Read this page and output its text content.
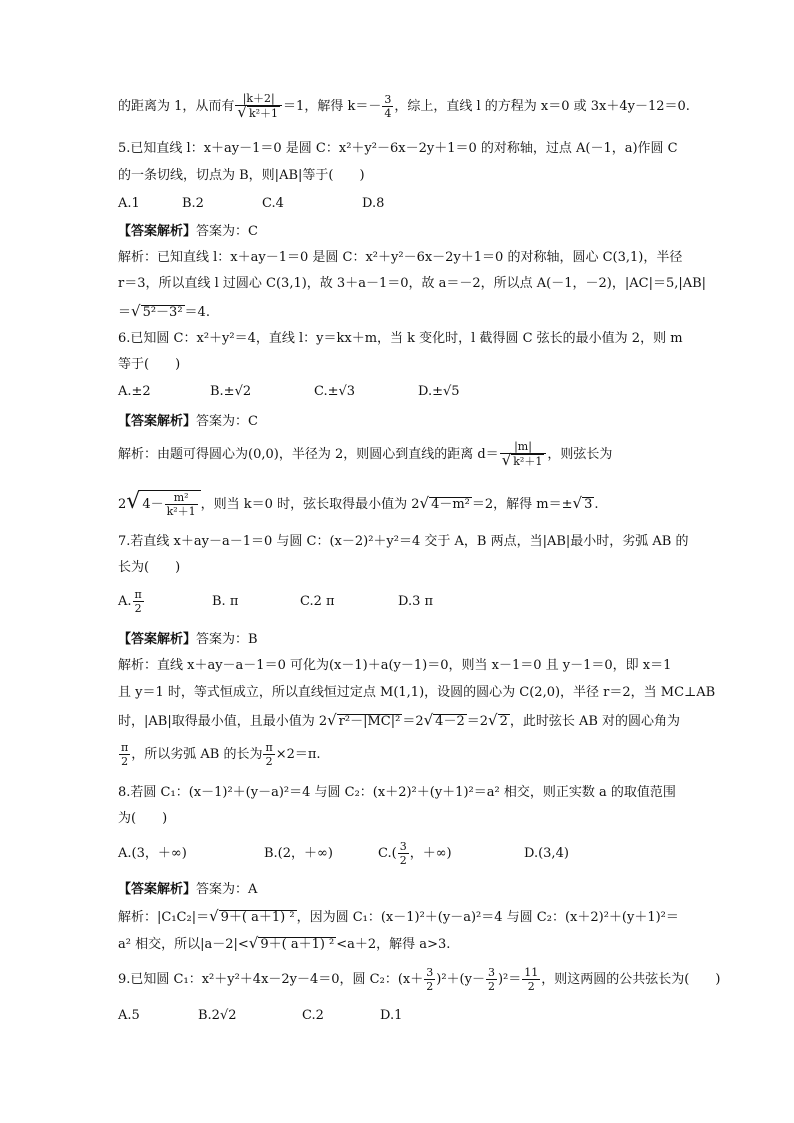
的距离为 1，从而有 $\frac{|k+2|}{\text{√ k²＋1}} =1$，解得 $k=- \frac{3}{4}$ ，综上，直线 l 的方程为 x＝0 或 3x＋4y－12＝0.
5.已知直线 l：x＋ay－1＝0 是圆 C：x²＋y²－6x－2y＋1＝0 的对称轴，过点 A(－1，a)作圆 C
的一条切线，切点为 B，则|AB|等于(　　)
A.1	B.2	C.4	D.8
【答案解析】答案为：C
解析：已知直线 l：x＋ay－1＝0 是圆 C：x²＋y²－6x－2y＋1＝0 的对称轴，圆心 C(3,1)，半径
r＝3，所以直线 l 过圆心 C(3,1)，故 3＋a－1＝0，故 a＝－2，所以点 A(－1，－2)，|AC|＝5,|AB|
＝√ 5²－3² ＝4.
6.已知圆 C：x²＋y²＝4，直线 l：y＝kx＋m，当 k 变化时，l 截得圆 C 弦长的最小值为 2，则 m
等于(　　)
A.±2	B.±√2	C.±√3	D.±√5
【答案解析】答案为：C
解析：由题可得圆心为(0,0)，半径为 2，则圆心到直线的距离 $d= \frac{|m|}{\text{√ k²＋1}}$ ，则弦长为
2√ $4- \frac{\text{m²}}{\text{k²＋1}}$ ，则当 k＝0 时，弦长取得最小值为 2√ 4－m² ＝2，解得 m＝±√ 3 .
7.若直线 x＋ay－a－1＝0 与圆 C：(x－2)²＋y²＝4 交于 A，B 两点，当|AB|最小时，劣弧 AB 的
长为(　　)
A. $\frac{\pi}{2}$	B. π	C.2 π	D.3 π
【答案解析】答案为：B
解析：直线 x＋ay－a－1＝0 可化为(x－1)＋a(y－1)＝0，则当 x－1＝0 且 y－1＝0，即 x＝1
且 y＝1 时，等式恒成立，所以直线恒过定点 M(1,1)，设圆的圆心为 C(2,0)，半径 r＝2，当 MC⊥AB
时，|AB|取得最小值，且最小值为 2√ r²－|MC|² ＝2√ 4－2 ＝2√ 2 ，此时弦长 AB 对的圆心角为
$\frac{\pi}{2}$ ，所以劣弧 AB 的长为 $\frac{\pi}{2} \times 2=\pi$.
8.若圆 C₁：(x－1)²＋(y－a)²＝4 与圆 C₂：(x＋2)²＋(y＋1)²＝a² 相交，则正实数 a 的取值范围
为(　　)
A.(3，＋∞)	B.(2，＋∞)	$C.( \frac{3}{2}$ ，＋∞)	D.(3,4)
【答案解析】答案为：A
解析：|C₁C₂|＝√ 9＋( a＋1) ² ，因为圆 C₁：(x－1)²＋(y－a)²＝4 与圆 C₂：(x＋2)²＋(y＋1)²＝
a² 相交，所以|a－2|<√ 9＋( a＋1) ² <a＋2，解得 a>3.
9.已知圆 C₁：x²＋y²＋4x－2y－4＝0，圆 C₂：$(x+ \frac{3}{2} )^2+(y- \frac{3}{2} )^2= \frac{11}{2}$ ，则这两圆的公共弦长为(　　)
A.5	B.2√2	C.2	D.1
